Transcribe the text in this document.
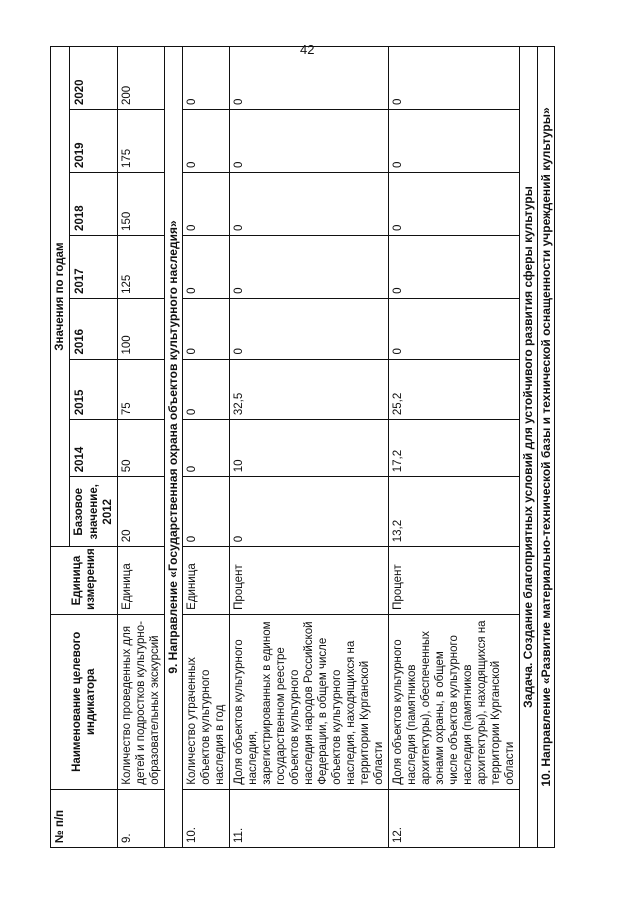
42
№ п/п	Наименование целевого индикатора	Единица измерения	Значения по годам							
			Базовое значение, 2012	2014	2015	2016	2017	2018	2019	2020
9.	Количество проведенных для детей и подростков культурно-образовательных экскурсий	Единица	20	50	75	100	125	150	175	200
9. Направление «Государственная охрана объектов культурного наследия»										
10.	Количество утраченных объектов культурного наследия в год	Единица	0	0	0	0	0	0	0	0
11.	Доля объектов культурного наследия, зарегистрированных в едином государственном реестре объектов культурного наследия народов Российской Федерации, в общем числе объектов культурного наследия, находящихся на территории Курганской области	Процент	0	10	32,5	0	0	0	0	0
12.	Доля объектов культурного наследия (памятников архитектуры), обеспеченных зонами охраны, в общем числе объектов культурного наследия (памятников архитектуры), находящихся на территории Курганской области	Процент	13,2	17,2	25,2	0	0	0	0	0
Задача. Создание благоприятных условий для устойчивого развития сферы культуры										
10. Направление «Развитие материально-технической базы и технической оснащенности учреждений культуры»										
